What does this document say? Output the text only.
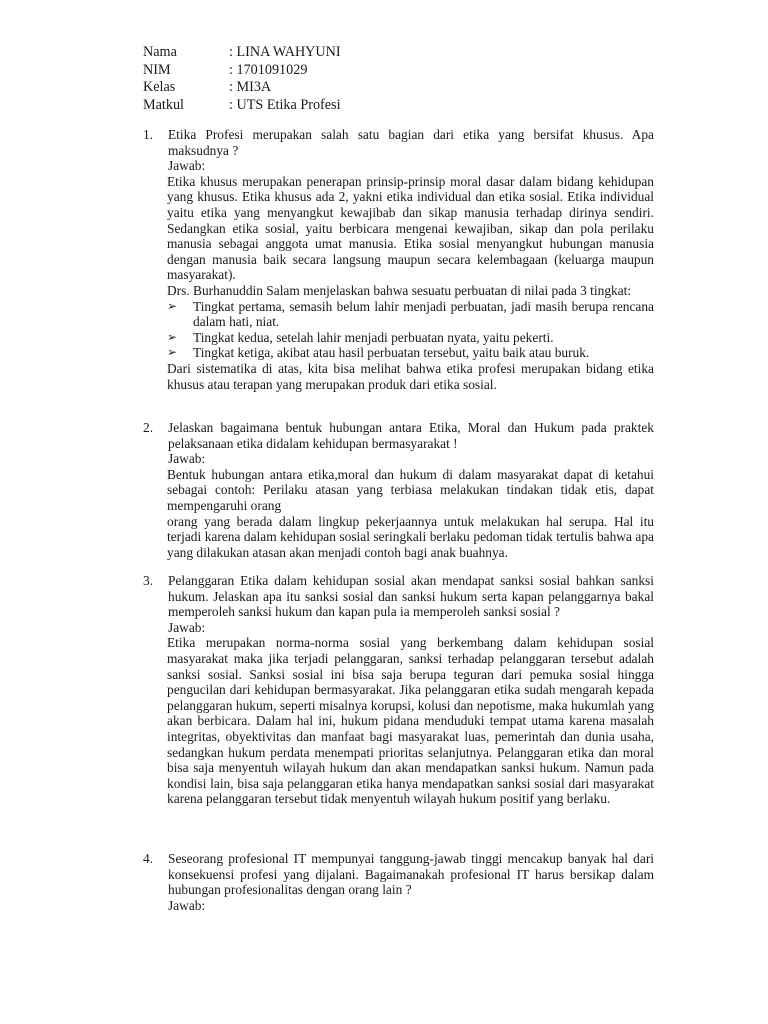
Nama	: LINA WAHYUNI
NIM	: 1701091029
Kelas	: MI3A
Matkul	: UTS Etika Profesi
1.	Etika Profesi merupakan salah satu bagian dari etika yang bersifat khusus. Apa maksudnya ?
Jawab:
Etika khusus merupakan penerapan prinsip-prinsip moral dasar dalam bidang kehidupan yang khusus. Etika khusus ada 2, yakni etika individual dan etika sosial. Etika individual yaitu etika yang menyangkut kewajibab dan sikap manusia terhadap dirinya sendiri. Sedangkan etika sosial, yaitu berbicara mengenai kewajiban, sikap dan pola perilaku manusia sebagai anggota umat manusia. Etika sosial menyangkut hubungan manusia dengan manusia baik secara langsung maupun secara kelembagaan (keluarga maupun masyarakat).
Drs. Burhanuddin Salam menjelaskan bahwa sesuatu perbuatan di nilai pada 3 tingkat:
➢	Tingkat pertama, semasih belum lahir menjadi perbuatan, jadi masih berupa rencana dalam hati, niat.
➢	Tingkat kedua, setelah lahir menjadi perbuatan nyata, yaitu pekerti.
➢	Tingkat ketiga, akibat atau hasil perbuatan tersebut, yaitu baik atau buruk.
Dari sistematika di atas, kita bisa melihat bahwa etika profesi merupakan bidang etika khusus atau terapan yang merupakan produk dari etika sosial.
2.	Jelaskan bagaimana bentuk hubungan antara Etika, Moral dan Hukum pada praktek pelaksanaan etika didalam kehidupan bermasyarakat !
Jawab:
Bentuk hubungan antara etika,moral dan hukum di dalam masyarakat dapat di ketahui sebagai contoh: Perilaku atasan yang terbiasa melakukan tindakan tidak etis, dapat mempengaruhi orang
orang yang berada dalam lingkup pekerjaannya untuk melakukan hal serupa. Hal itu terjadi karena dalam kehidupan sosial seringkali berlaku pedoman tidak tertulis bahwa apa yang dilakukan atasan akan menjadi contoh bagi anak buahnya.
3.	Pelanggaran Etika dalam kehidupan sosial akan mendapat sanksi sosial bahkan sanksi hukum. Jelaskan apa itu sanksi sosial dan sanksi hukum serta kapan pelanggarnya bakal memperoleh sanksi hukum dan kapan pula ia memperoleh sanksi sosial ?
Jawab:
Etika merupakan norma-norma sosial yang berkembang dalam kehidupan sosial masyarakat maka jika terjadi pelanggaran, sanksi terhadap pelanggaran tersebut adalah sanksi sosial. Sanksi sosial ini bisa saja berupa teguran dari pemuka sosial hingga pengucilan dari kehidupan bermasyarakat. Jika pelanggaran etika sudah mengarah kepada pelanggaran hukum, seperti misalnya korupsi, kolusi dan nepotisme, maka hukumlah yang akan berbicara. Dalam hal ini, hukum pidana menduduki tempat utama karena masalah integritas, obyektivitas dan manfaat bagi masyarakat luas, pemerintah dan dunia usaha, sedangkan hukum perdata menempati prioritas selanjutnya. Pelanggaran etika dan moral bisa saja menyentuh wilayah hukum dan akan mendapatkan sanksi hukum. Namun pada kondisi lain, bisa saja pelanggaran etika hanya mendapatkan sanksi sosial dari masyarakat karena pelanggaran tersebut tidak menyentuh wilayah hukum positif yang berlaku.
4.	Seseorang profesional IT mempunyai tanggung-jawab tinggi mencakup banyak hal dari konsekuensi profesi yang dijalani. Bagaimanakah profesional IT harus bersikap dalam hubungan profesionalitas dengan orang lain ?
Jawab:
